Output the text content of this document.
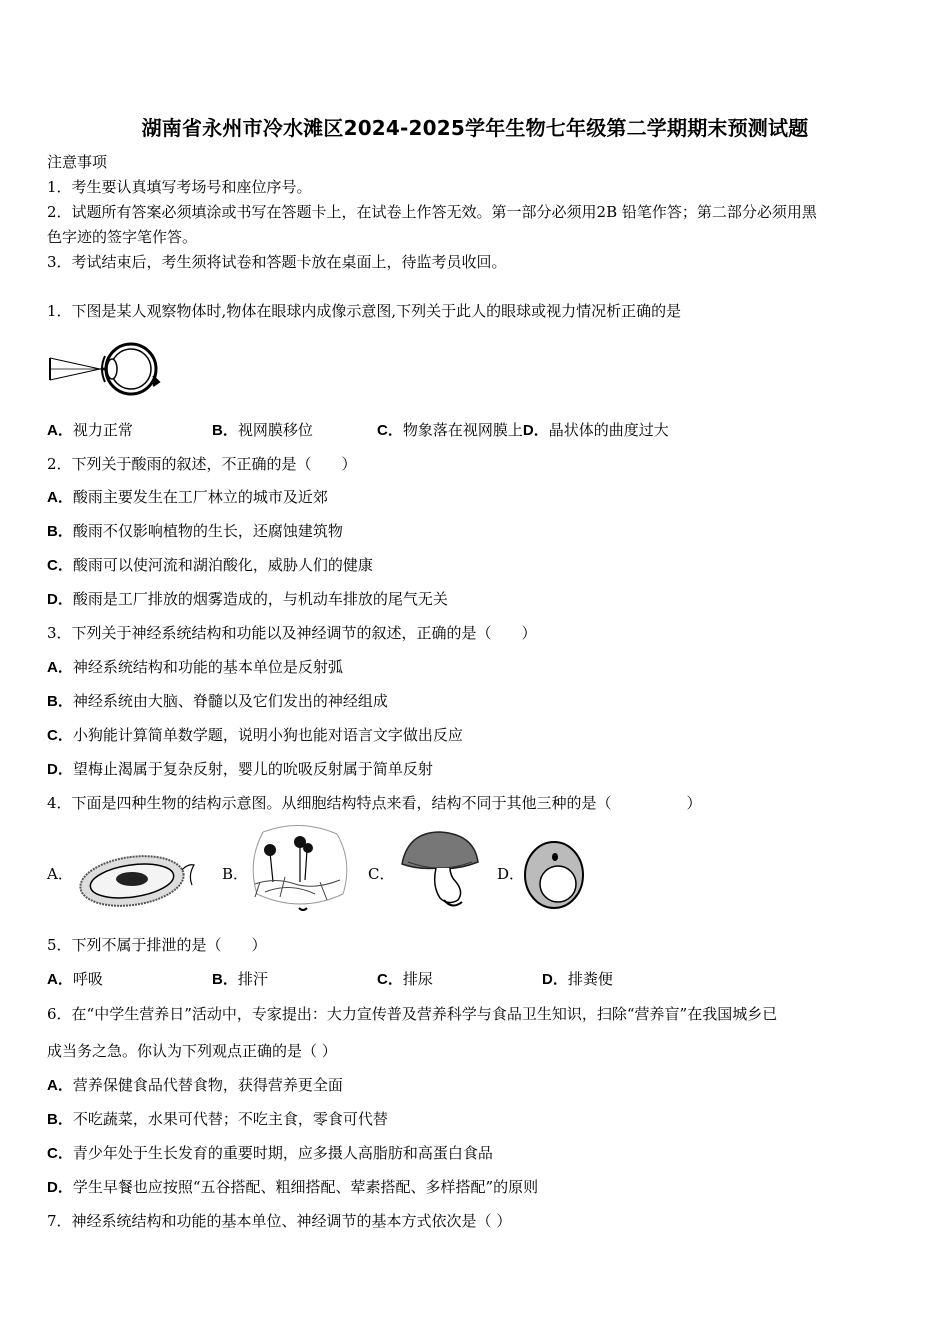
湖南省永州市冷水滩区2024-2025学年生物七年级第二学期期末预测试题
注意事项
1．考生要认真填写考场号和座位序号。
2．试题所有答案必须填涂或书写在答题卡上，在试卷上作答无效。第一部分必须用2B 铅笔作答；第二部分必须用黑
色字迹的签字笔作答。
3．考试结束后，考生须将试卷和答题卡放在桌面上，待监考员收回。
1．下图是某人观察物体时,物体在眼球内成像示意图,下列关于此人的眼球或视力情况析正确的是
A．视力正常	B．视网膜移位	C．物象落在视网膜上D．晶状体的曲度过大
2．下列关于酸雨的叙述，不正确的是（　　）
A．酸雨主要发生在工厂林立的城市及近郊
B．酸雨不仅影响植物的生长，还腐蚀建筑物
C．酸雨可以使河流和湖泊酸化，威胁人们的健康
D．酸雨是工厂排放的烟雾造成的，与机动车排放的尾气无关
3．下列关于神经系统结构和功能以及神经调节的叙述，正确的是（　　）
A．神经系统结构和功能的基本单位是反射弧
B．神经系统由大脑、脊髓以及它们发出的神经组成
C．小狗能计算简单数学题，说明小狗也能对语言文字做出反应
D．望梅止渴属于复杂反射，婴儿的吮吸反射属于简单反射
4．下面是四种生物的结构示意图。从细胞结构特点来看，结构不同于其他三种的是（　　　　　）
A．	B．	C．	D．
5．下列不属于排泄的是（　　）
A．呼吸	B．排汗	C．排尿	D．排粪便
6．在“中学生营养日”活动中，专家提出：大力宣传普及营养科学与食品卫生知识，扫除“营养盲”在我国城乡已
成当务之急。你认为下列观点正确的是（ ）
A．营养保健食品代替食物，获得营养更全面
B．不吃蔬菜，水果可代替；不吃主食，零食可代替
C．青少年处于生长发育的重要时期，应多摄人高脂肪和高蛋白食品
D．学生早餐也应按照“五谷搭配、粗细搭配、荤素搭配、多样搭配”的原则
7．神经系统结构和功能的基本单位、神经调节的基本方式依次是（ ）
